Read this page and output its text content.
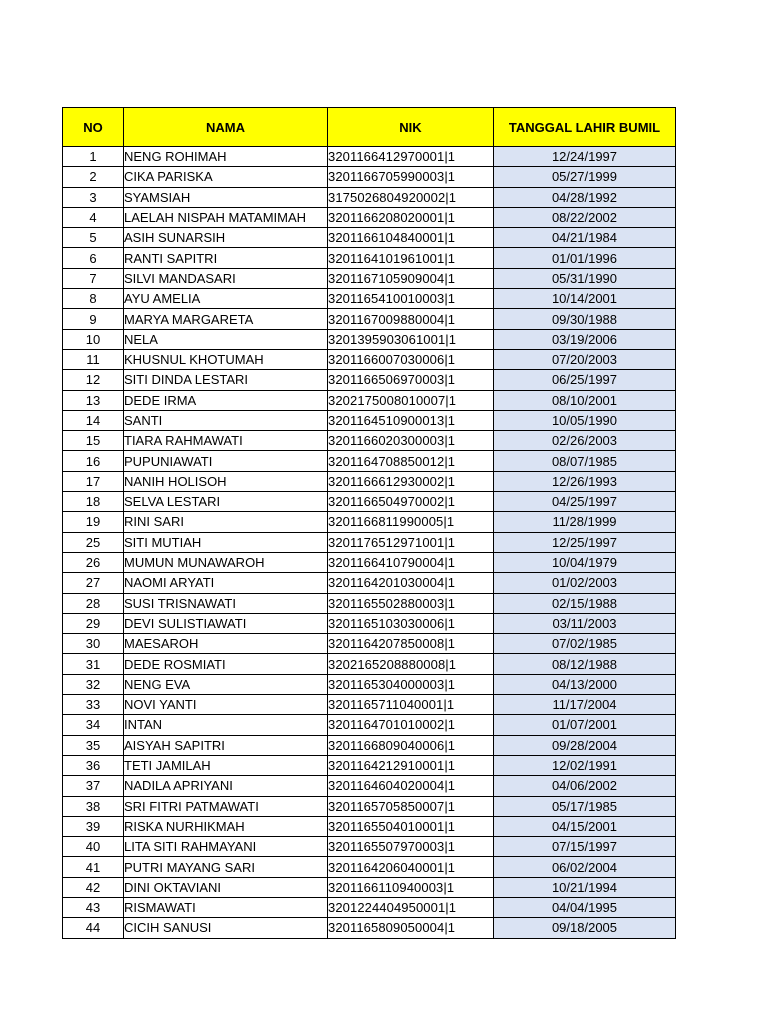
NO	NAMA	NIK	TANGGAL LAHIR BUMIL
1	NENG ROHIMAH	3201166412970001|1	12/24/1997
2	CIKA PARISKA	3201166705990003|1	05/27/1999
3	SYAMSIAH	3175026804920002|1	04/28/1992
4	LAELAH NISPAH MATAMIMAH	3201166208020001|1	08/22/2002
5	ASIH SUNARSIH	3201166104840001|1	04/21/1984
6	RANTI SAPITRI	3201164101961001|1	01/01/1996
7	SILVI MANDASARI	3201167105909004|1	05/31/1990
8	AYU AMELIA	3201165410010003|1	10/14/2001
9	MARYA MARGARETA	3201167009880004|1	09/30/1988
10	NELA	3201395903061001|1	03/19/2006
11	KHUSNUL KHOTUMAH	3201166007030006|1	07/20/2003
12	SITI DINDA LESTARI	3201166506970003|1	06/25/1997
13	DEDE IRMA	3202175008010007|1	08/10/2001
14	SANTI	3201164510900013|1	10/05/1990
15	TIARA RAHMAWATI	3201166020300003|1	02/26/2003
16	PUPUNIAWATI	3201164708850012|1	08/07/1985
17	NANIH HOLISOH	3201166612930002|1	12/26/1993
18	SELVA LESTARI	3201166504970002|1	04/25/1997
19	RINI SARI	3201166811990005|1	11/28/1999
25	SITI MUTIAH	3201176512971001|1	12/25/1997
26	MUMUN MUNAWAROH	3201166410790004|1	10/04/1979
27	NAOMI ARYATI	3201164201030004|1	01/02/2003
28	SUSI TRISNAWATI	3201165502880003|1	02/15/1988
29	DEVI SULISTIAWATI	3201165103030006|1	03/11/2003
30	MAESAROH	3201164207850008|1	07/02/1985
31	DEDE ROSMIATI	3202165208880008|1	08/12/1988
32	NENG EVA	3201165304000003|1	04/13/2000
33	NOVI YANTI	3201165711040001|1	11/17/2004
34	INTAN	3201164701010002|1	01/07/2001
35	AISYAH SAPITRI	3201166809040006|1	09/28/2004
36	TETI JAMILAH	3201164212910001|1	12/02/1991
37	NADILA APRIYANI	3201164604020004|1	04/06/2002
38	SRI FITRI PATMAWATI	3201165705850007|1	05/17/1985
39	RISKA NURHIKMAH	3201165504010001|1	04/15/2001
40	LITA SITI RAHMAYANI	3201165507970003|1	07/15/1997
41	PUTRI MAYANG SARI	3201164206040001|1	06/02/2004
42	DINI OKTAVIANI	3201166110940003|1	10/21/1994
43	RISMAWATI	3201224404950001|1	04/04/1995
44	CICIH SANUSI	3201165809050004|1	09/18/2005
